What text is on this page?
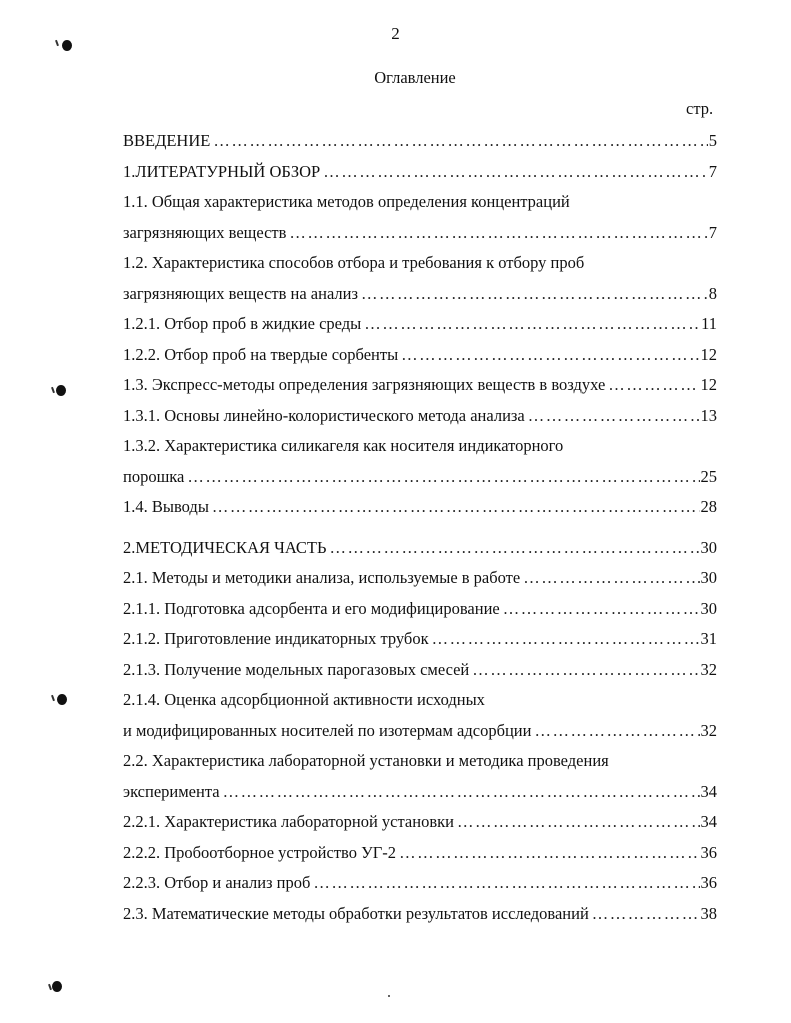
2
Оглавление
стр.
ВВЕДЕНИЕ ……………………………………………………………………………………………………………………………………………………	5
1.ЛИТЕРАТУРНЫЙ ОБЗОР ……………………………………………………………………………………………………………………………………………………	7
1.1. Общая характеристика методов определения концентраций
загрязняющих веществ ……………………………………………………………………………………………………………………………………………………	7
1.2. Характеристика способов отбора и требования к отбору проб
загрязняющих веществ на анализ ……………………………………………………………………………………………………………………………………………………	8
1.2.1. Отбор проб в жидкие среды ……………………………………………………………………………………………………………………………………………………	11
1.2.2. Отбор проб на твердые сорбенты ……………………………………………………………………………………………………………………………………………………	12
1.3. Экспресс-методы определения загрязняющих веществ в воздухе ……………………………………………………………………………………………………………………………………………………	12
1.3.1. Основы линейно-колористического метода анализа ……………………………………………………………………………………………………………………………………………………	13
1.3.2. Характеристика силикагеля как носителя индикаторного
порошка ……………………………………………………………………………………………………………………………………………………	25
1.4. Выводы ……………………………………………………………………………………………………………………………………………………	28
2.МЕТОДИЧЕСКАЯ ЧАСТЬ ……………………………………………………………………………………………………………………………………………………	30
2.1. Методы и методики анализа, используемые в работе ……………………………………………………………………………………………………………………………………………………	30
2.1.1. Подготовка адсорбента и его модифицирование ……………………………………………………………………………………………………………………………………………………	30
2.1.2. Приготовление индикаторных трубок ……………………………………………………………………………………………………………………………………………………	31
2.1.3. Получение модельных парогазовых смесей ……………………………………………………………………………………………………………………………………………………	32
2.1.4. Оценка адсорбционной активности исходных
и модифицированных носителей по изотермам адсорбции ……………………………………………………………………………………………………………………………………………………	32
2.2. Характеристика лабораторной установки и методика проведения
эксперимента ……………………………………………………………………………………………………………………………………………………	34
2.2.1. Характеристика лабораторной установки ……………………………………………………………………………………………………………………………………………………	34
2.2.2. Пробоотборное устройство УГ-2 ……………………………………………………………………………………………………………………………………………………	36
2.2.3. Отбор и анализ проб ……………………………………………………………………………………………………………………………………………………	36
2.3. Математические методы обработки результатов исследований ……………………………………………………………………………………………………………………………………………………	38
